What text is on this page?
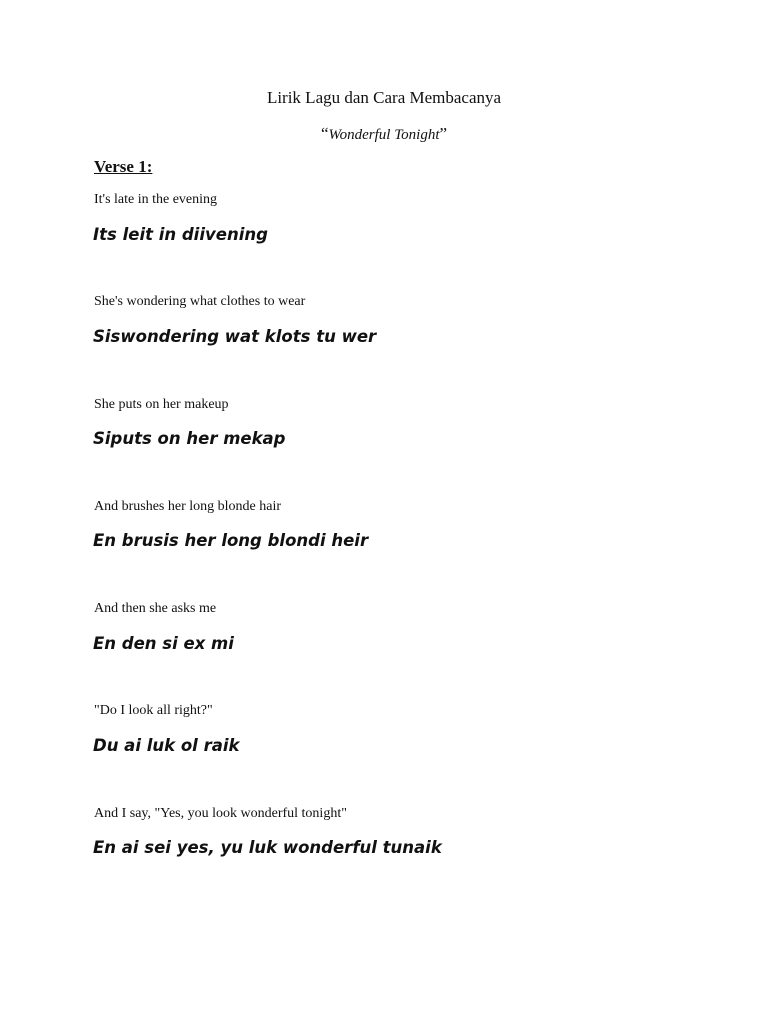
Lirik Lagu dan Cara Membacanya
“Wonderful Tonight”
Verse 1:
It's late in the evening
Its leit in diivening
She's wondering what clothes to wear
Siswondering wat klots tu wer
She puts on her makeup
Siputs on her mekap
And brushes her long blonde hair
En brusis her long blondi heir
And then she asks me
En den si ex mi
"Do I look all right?"
Du ai luk ol raik
And I say, "Yes, you look wonderful tonight"
En ai sei yes, yu luk wonderful tunaik
